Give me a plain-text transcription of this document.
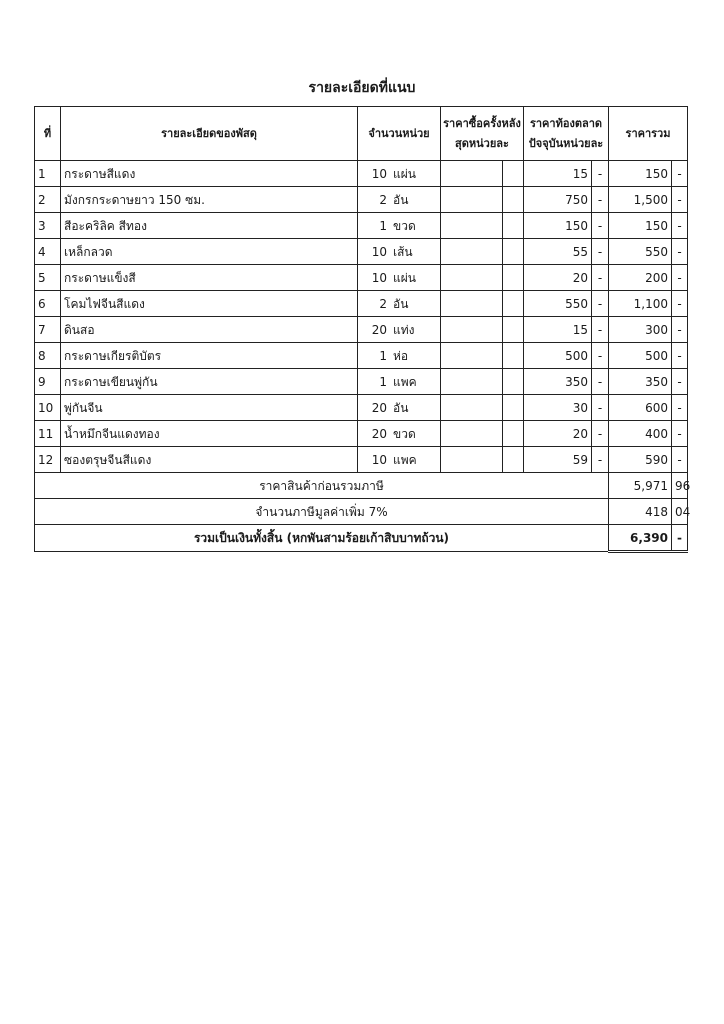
รายละเอียดที่แนบ
ที่	รายละเอียดของพัสดุ	จำนวนหน่วย	ราคาซื้อครั้งหลังสุดหน่วยละ		ราคาท้องตลาดปัจจุบันหน่วยละ		ราคารวม	
1	กระดาษสีแดง	10 แผ่น			15	-	150	-
2	มังกรกระดาษยาว 150 ซม.	2 อัน			750	-	1,500	-
3	สีอะคริลิค สีทอง	1 ขวด			150	-	150	-
4	เหล็กลวด	10 เส้น			55	-	550	-
5	กระดาษแข็งสี	10 แผ่น			20	-	200	-
6	โคมไฟจีนสีแดง	2 อัน			550	-	1,100	-
7	ดินสอ	20 แท่ง			15	-	300	-
8	กระดาษเกียรติบัตร	1 ห่อ			500	-	500	-
9	กระดาษเขียนพู่กัน	1 แพค			350	-	350	-
10	พู่กันจีน	20 อัน			30	-	600	-
11	น้ำหมึกจีนแดงทอง	20 ขวด			20	-	400	-
12	ซองตรุษจีนสีแดง	10 แพค			59	-	590	-
ราคาสินค้าก่อนรวมภาษี							5,971	96
จำนวนภาษีมูลค่าเพิ่ม 7%							418	04
รวมเป็นเงินทั้งสิ้น (หกพันสามร้อยเก้าสิบบาทถ้วน)							6,390	-
